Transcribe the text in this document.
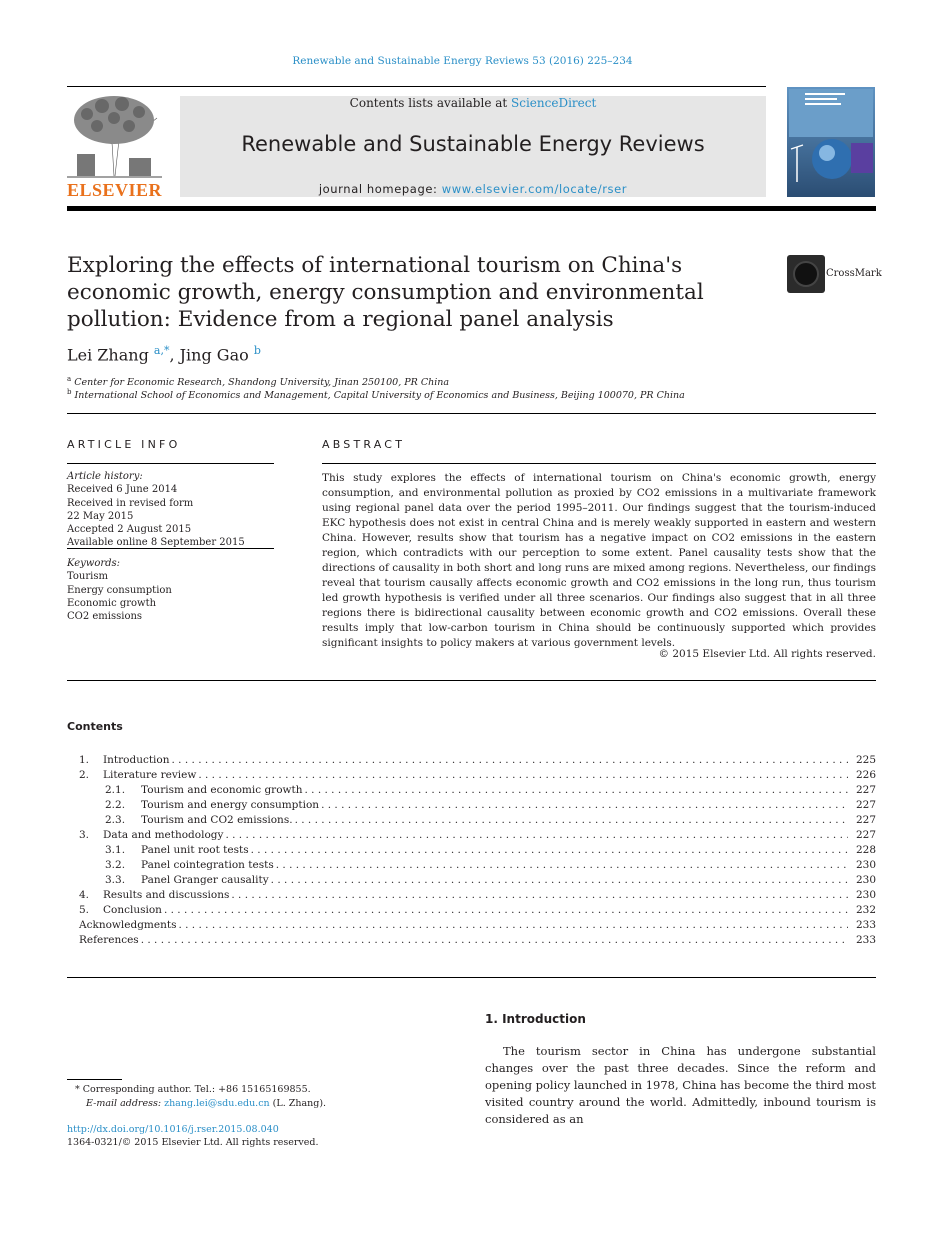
Renewable and Sustainable Energy Reviews 53 (2016) 225–234
ELSEVIER
Contents lists available at ScienceDirect
Renewable and Sustainable Energy Reviews
journal homepage: www.elsevier.com/locate/rser
Exploring the effects of international tourism on China's economic growth, energy consumption and environmental pollution: Evidence from a regional panel analysis
CrossMark
Lei Zhang $^{a,*}$, Jing Gao $^b$
$^a$ Center for Economic Research, Shandong University, Jinan 250100, PR China
$^b$ International School of Economics and Management, Capital University of Economics and Business, Beijing 100070, PR China
ARTICLE INFO
Article history:
Received 6 June 2014
Received in revised form
22 May 2015
Accepted 2 August 2015
Available online 8 September 2015
Keywords:
Tourism
Energy consumption
Economic growth
CO2 emissions
ABSTRACT
This study explores the effects of international tourism on China's economic growth, energy consumption, and environmental pollution as proxied by CO2 emissions in a multivariate framework using regional panel data over the period 1995–2011. Our findings suggest that the tourism-induced EKC hypothesis does not exist in central China and is merely weakly supported in eastern and western China. However, results show that tourism has a negative impact on CO2 emissions in the eastern region, which contradicts with our perception to some extent. Panel causality tests show that the directions of causality in both short and long runs are mixed among regions. Nevertheless, our findings reveal that tourism causally affects economic growth and CO2 emissions in the long run, thus tourism led growth hypothesis is verified under all three scenarios. Our findings also suggest that in all three regions there is bidirectional causality between economic growth and CO2 emissions. Overall these results imply that low-carbon tourism in China should be continuously supported which provides significant insights to policy makers at various government levels.
© 2015 Elsevier Ltd. All rights reserved.
Contents
1.	Introduction . . .	225
2.	Literature review . . .	226
2.1.	Tourism and economic growth . . .	227
2.2.	Tourism and energy consumption . . .	227
2.3.	Tourism and CO2 emissions. . . .	227
3.	Data and methodology . . .	227
3.1.	Panel unit root tests . . .	228
3.2.	Panel cointegration tests . . .	230
3.3.	Panel Granger causality . . .	230
4.	Results and discussions . . .	230
5.	Conclusion . . .	232
Acknowledgments . . .	233
References . . .	233
* Corresponding author. Tel.: +86 15165169855.
E-mail address: zhang.lei@sdu.edu.cn (L. Zhang).
http://dx.doi.org/10.1016/j.rser.2015.08.040
1364-0321/© 2015 Elsevier Ltd. All rights reserved.
1. Introduction
The tourism sector in China has undergone substantial changes over the past three decades. Since the reform and opening policy launched in 1978, China has become the third most visited country around the world. Admittedly, inbound tourism is considered as an
